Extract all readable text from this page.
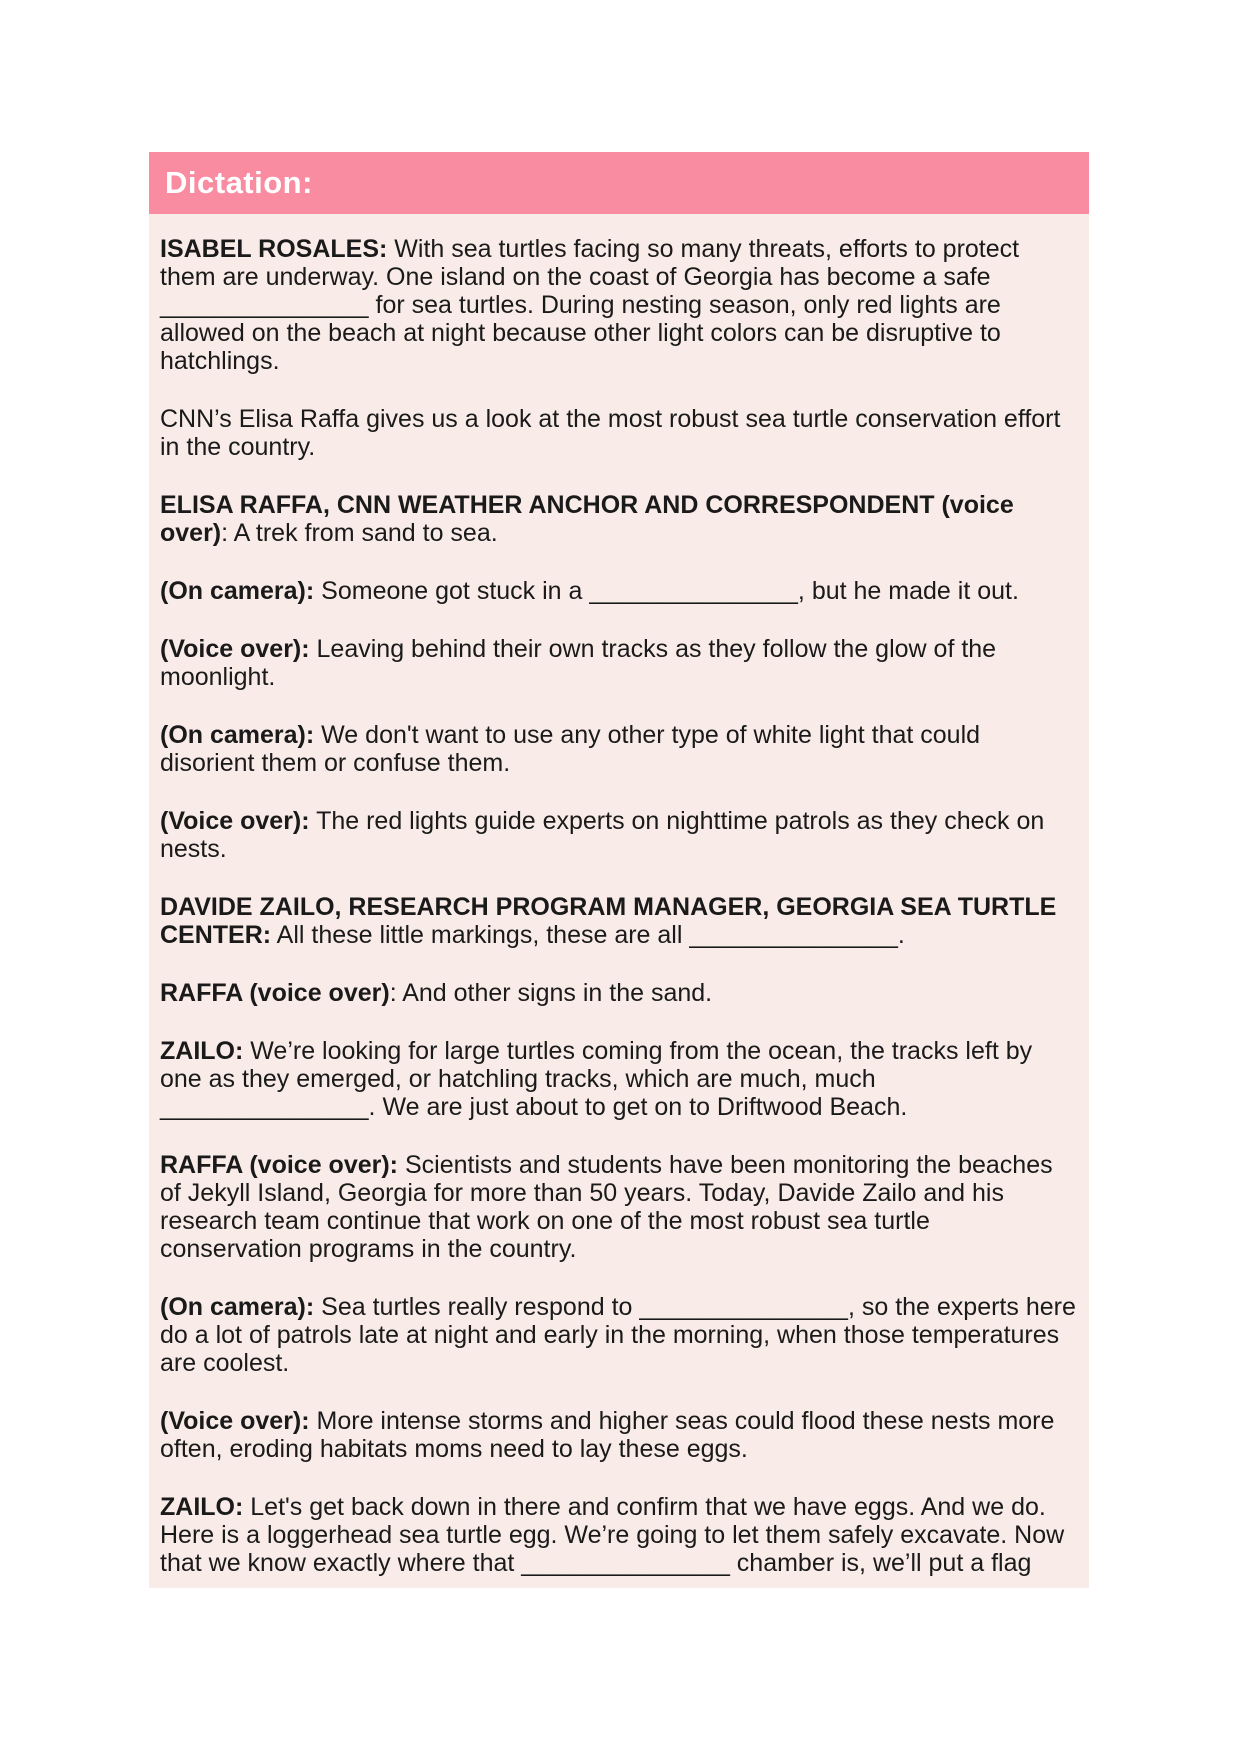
Dictation:

ISABEL ROSALES: With sea turtles facing so many threats, efforts to protect them are underway. One island on the coast of Georgia has become a safe _______________ for sea turtles. During nesting season, only red lights are allowed on the beach at night because other light colors can be disruptive to hatchlings.

CNN’s Elisa Raffa gives us a look at the most robust sea turtle conservation effort in the country.

ELISA RAFFA, CNN WEATHER ANCHOR AND CORRESPONDENT (voice over): A trek from sand to sea.

(On camera): Someone got stuck in a _______________, but he made it out.

(Voice over): Leaving behind their own tracks as they follow the glow of the moonlight.

(On camera): We don't want to use any other type of white light that could disorient them or confuse them.

(Voice over): The red lights guide experts on nighttime patrols as they check on nests.

DAVIDE ZAILO, RESEARCH PROGRAM MANAGER, GEORGIA SEA TURTLE CENTER: All these little markings, these are all _______________.

RAFFA (voice over): And other signs in the sand.

ZAILO: We’re looking for large turtles coming from the ocean, the tracks left by one as they emerged, or hatchling tracks, which are much, much _______________. We are just about to get on to Driftwood Beach.

RAFFA (voice over): Scientists and students have been monitoring the beaches of Jekyll Island, Georgia for more than 50 years. Today, Davide Zailo and his research team continue that work on one of the most robust sea turtle conservation programs in the country.

(On camera): Sea turtles really respond to _______________, so the experts here do a lot of patrols late at night and early in the morning, when those temperatures are coolest.

(Voice over): More intense storms and higher seas could flood these nests more often, eroding habitats moms need to lay these eggs.

ZAILO: Let's get back down in there and confirm that we have eggs. And we do. Here is a loggerhead sea turtle egg. We’re going to let them safely excavate. Now that we know exactly where that _______________ chamber is, we’ll put a flag
